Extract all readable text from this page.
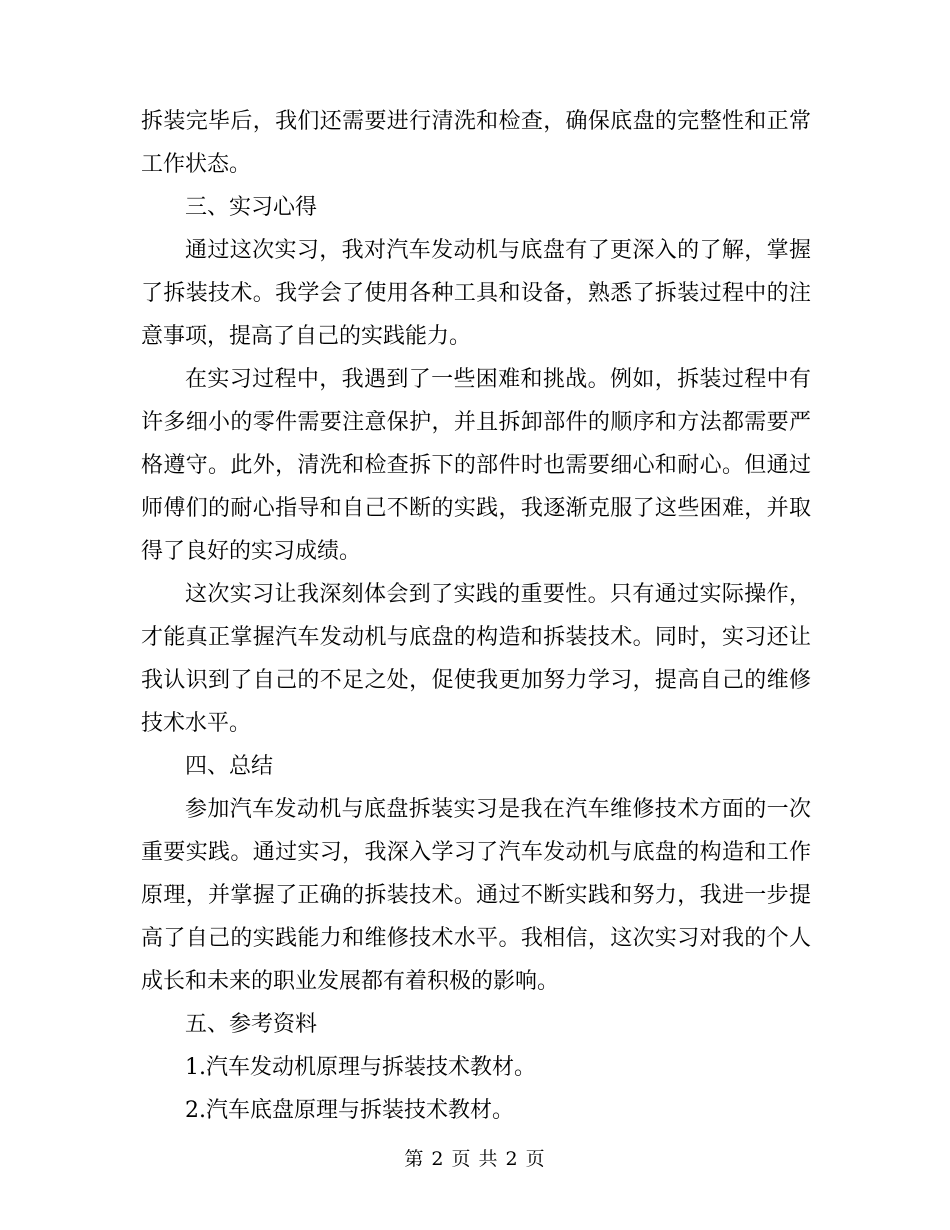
拆装完毕后，我们还需要进行清洗和检查，确保底盘的完整性和正常工作状态。

三、实习心得

通过这次实习，我对汽车发动机与底盘有了更深入的了解，掌握了拆装技术。我学会了使用各种工具和设备，熟悉了拆装过程中的注意事项，提高了自己的实践能力。

在实习过程中，我遇到了一些困难和挑战。例如，拆装过程中有许多细小的零件需要注意保护，并且拆卸部件的顺序和方法都需要严格遵守。此外，清洗和检查拆下的部件时也需要细心和耐心。但通过师傅们的耐心指导和自己不断的实践，我逐渐克服了这些困难，并取得了良好的实习成绩。

这次实习让我深刻体会到了实践的重要性。只有通过实际操作，才能真正掌握汽车发动机与底盘的构造和拆装技术。同时，实习还让我认识到了自己的不足之处，促使我更加努力学习，提高自己的维修技术水平。

四、总结

参加汽车发动机与底盘拆装实习是我在汽车维修技术方面的一次重要实践。通过实习，我深入学习了汽车发动机与底盘的构造和工作原理，并掌握了正确的拆装技术。通过不断实践和努力，我进一步提高了自己的实践能力和维修技术水平。我相信，这次实习对我的个人成长和未来的职业发展都有着积极的影响。

五、参考资料

1.汽车发动机原理与拆装技术教材。

2.汽车底盘原理与拆装技术教材。

第 2 页 共 2 页
